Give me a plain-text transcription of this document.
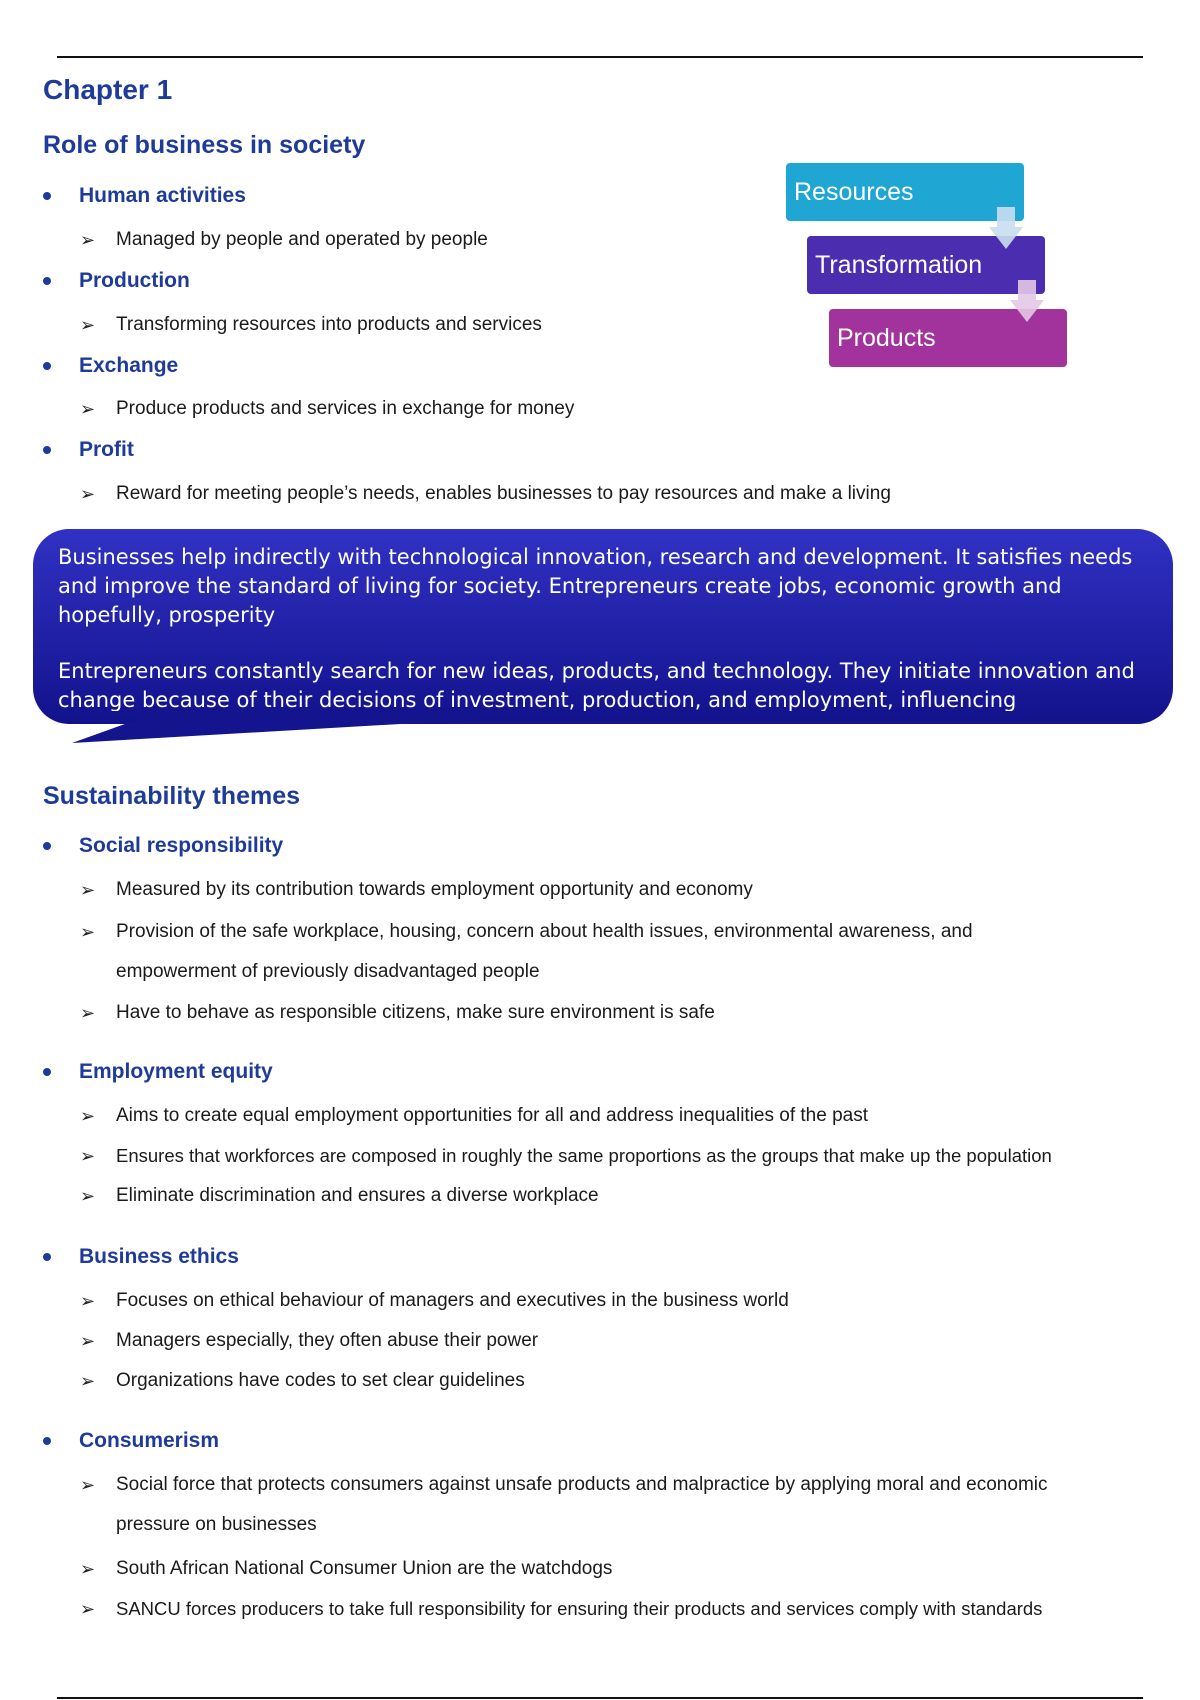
Chapter 1
Role of business in society
Human activities
➢	Managed by people and operated by people
Production
➢	Transforming resources into products and services
Exchange
➢	Produce products and services in exchange for money
Profit
➢	Reward for meeting people’s needs, enables businesses to pay resources and make a living
Resources
Transformation
Products

Businesses help indirectly with technological innovation, research and development. It satisfies needs and improve the standard of living for society. Entrepreneurs create jobs, economic growth and hopefully, prosperity

Entrepreneurs constantly search for new ideas, products, and technology. They initiate innovation and change because of their decisions of investment, production, and employment, influencing

Sustainability themes
Social responsibility
➢	Measured by its contribution towards employment opportunity and economy
➢	Provision of the safe workplace, housing, concern about health issues, environmental awareness, and empowerment of previously disadvantaged people
➢	Have to behave as responsible citizens, make sure environment is safe
Employment equity
➢	Aims to create equal employment opportunities for all and address inequalities of the past
➢	Ensures that workforces are composed in roughly the same proportions as the groups that make up the population
➢	Eliminate discrimination and ensures a diverse workplace
Business ethics
➢	Focuses on ethical behaviour of managers and executives in the business world
➢	Managers especially, they often abuse their power
➢	Organizations have codes to set clear guidelines
Consumerism
➢	Social force that protects consumers against unsafe products and malpractice by applying moral and economic pressure on businesses
➢	South African National Consumer Union are the watchdogs
➢	SANCU forces producers to take full responsibility for ensuring their products and services comply with standards
